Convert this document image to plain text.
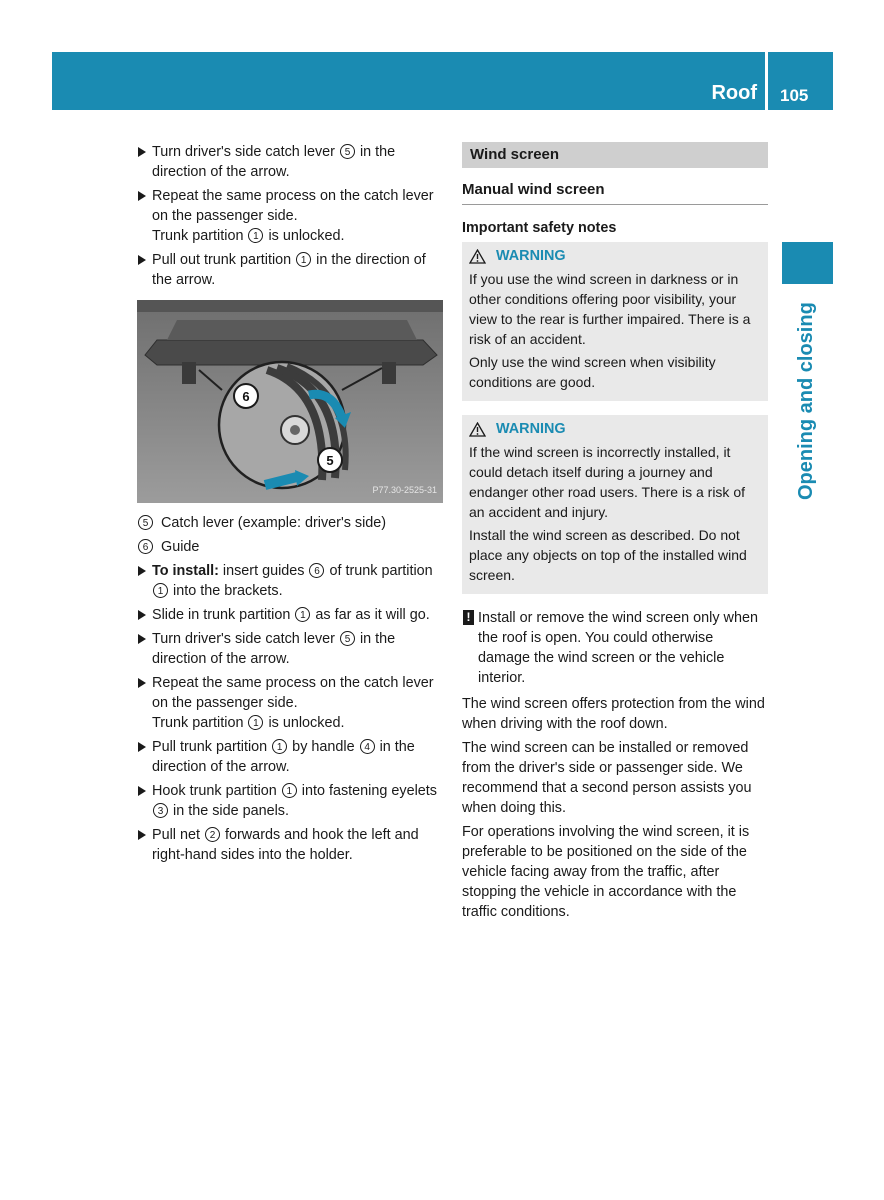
Roof 105
Opening and closing

Turn driver's side catch lever 5 in the direction of the arrow.

Repeat the same process on the catch lever on the passenger side.

Trunk partition 1 is unlocked.

Pull out trunk partition 1 in the direction of the arrow.

6
5
P77.30-2525-31
5 Catch lever (example: driver's side)
6 Guide

To install: insert guides 6 of trunk partition 1 into the brackets.

Slide in trunk partition 1 as far as it will go.

Turn driver's side catch lever 5 in the direction of the arrow.

Repeat the same process on the catch lever on the passenger side.

Trunk partition 1 is unlocked.

Pull trunk partition 1 by handle 4 in the direction of the arrow.

Hook trunk partition 1 into fastening eyelets 3 in the side panels.

Pull net 2 forwards and hook the left and right-hand sides into the holder.

Wind screen
Manual wind screen
Important safety notes
WARNING

If you use the wind screen in darkness or in other conditions offering poor visibility, your view to the rear is further impaired. There is a risk of an accident.

Only use the wind screen when visibility conditions are good.

WARNING

If the wind screen is incorrectly installed, it could detach itself during a journey and endanger other road users. There is a risk of an accident and injury.

Install the wind screen as described. Do not place any objects on top of the installed wind screen.

! Install or remove the wind screen only when the roof is open. You could otherwise damage the wind screen or the vehicle interior.

The wind screen offers protection from the wind when driving with the roof down.

The wind screen can be installed or removed from the driver's side or passenger side. We recommend that a second person assists you when doing this.

For operations involving the wind screen, it is preferable to be positioned on the side of the vehicle facing away from the traffic, after stopping the vehicle in accordance with the traffic conditions.
